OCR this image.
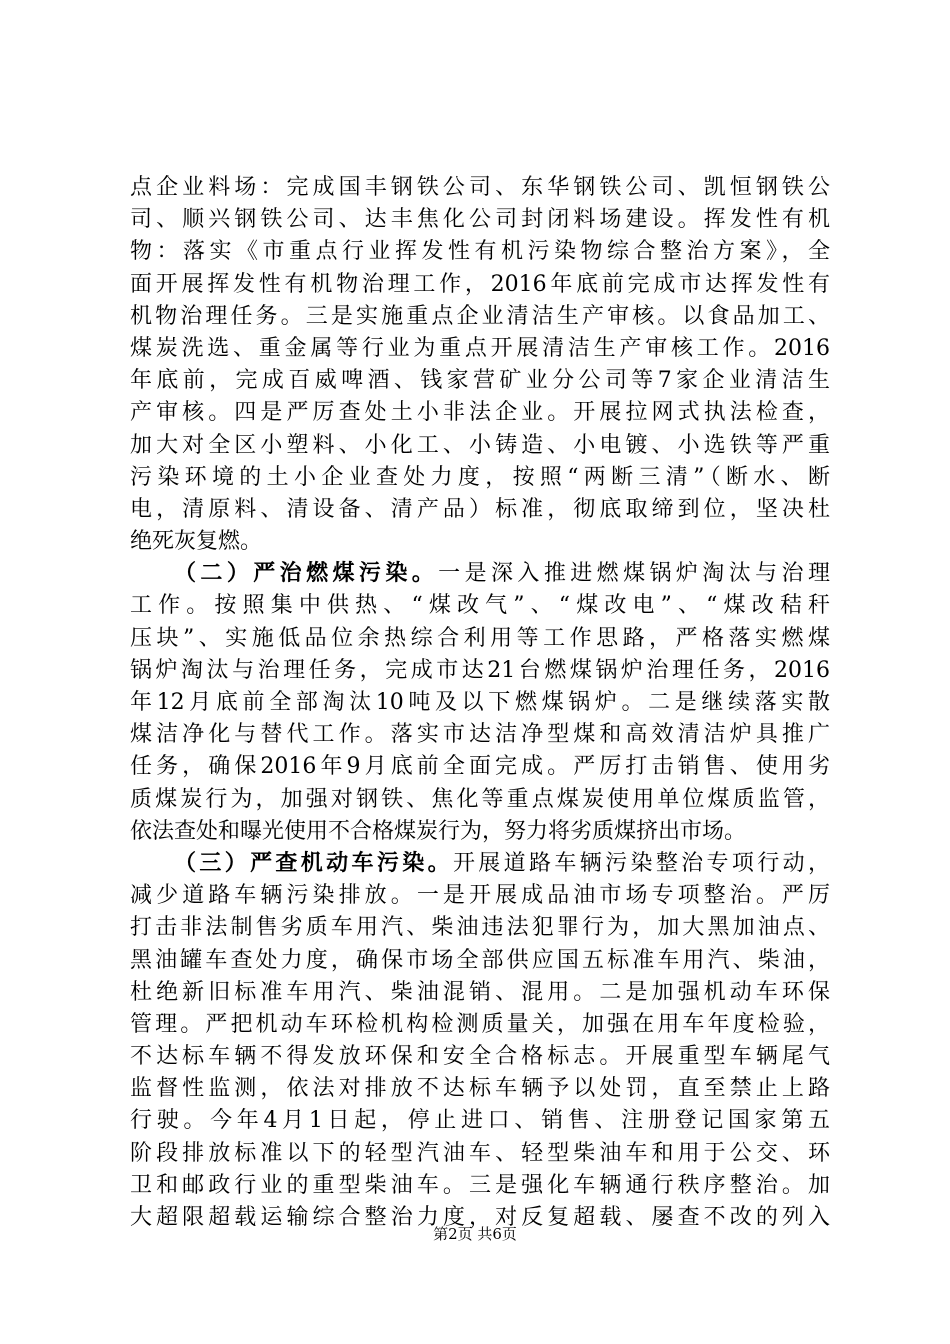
点企业料场：完成国丰钢铁公司、东华钢铁公司、凯恒钢铁公
司、顺兴钢铁公司、达丰焦化公司封闭料场建设。挥发性有机
物：落实《市重点行业挥发性有机污染物综合整治方案》，全
面开展挥发性有机物治理工作，2016年底前完成市达挥发性有
机物治理任务。三是实施重点企业清洁生产审核。以食品加工、
煤炭洗选、重金属等行业为重点开展清洁生产审核工作。2016
年底前，完成百威啤酒、钱家营矿业分公司等7家企业清洁生
产审核。四是严厉查处土小非法企业。开展拉网式执法检查，
加大对全区小塑料、小化工、小铸造、小电镀、小选铁等严重
污染环境的土小企业查处力度，按照“两断三清”（断水、断
电，清原料、清设备、清产品）标准，彻底取缔到位，坚决杜
绝死灰复燃。
（二）严治燃煤污染。一是深入推进燃煤锅炉淘汰与治理
工作。按照集中供热、“煤改气”、“煤改电”、“煤改秸秆
压块”、实施低品位余热综合利用等工作思路，严格落实燃煤
锅炉淘汰与治理任务，完成市达21台燃煤锅炉治理任务，2016
年12月底前全部淘汰10吨及以下燃煤锅炉。二是继续落实散
煤洁净化与替代工作。落实市达洁净型煤和高效清洁炉具推广
任务，确保2016年9月底前全面完成。严厉打击销售、使用劣
质煤炭行为，加强对钢铁、焦化等重点煤炭使用单位煤质监管，
依法查处和曝光使用不合格煤炭行为，努力将劣质煤挤出市场。
（三）严查机动车污染。开展道路车辆污染整治专项行动，
减少道路车辆污染排放。一是开展成品油市场专项整治。严厉
打击非法制售劣质车用汽、柴油违法犯罪行为，加大黑加油点、
黑油罐车查处力度，确保市场全部供应国五标准车用汽、柴油，
杜绝新旧标准车用汽、柴油混销、混用。二是加强机动车环保
管理。严把机动车环检机构检测质量关，加强在用车年度检验，
不达标车辆不得发放环保和安全合格标志。开展重型车辆尾气
监督性监测，依法对排放不达标车辆予以处罚，直至禁止上路
行驶。今年4月1日起，停止进口、销售、注册登记国家第五
阶段排放标准以下的轻型汽油车、轻型柴油车和用于公交、环
卫和邮政行业的重型柴油车。三是强化车辆通行秩序整治。加
大超限超载运输综合整治力度，对反复超载、屡查不改的列入
第2页 共6页
